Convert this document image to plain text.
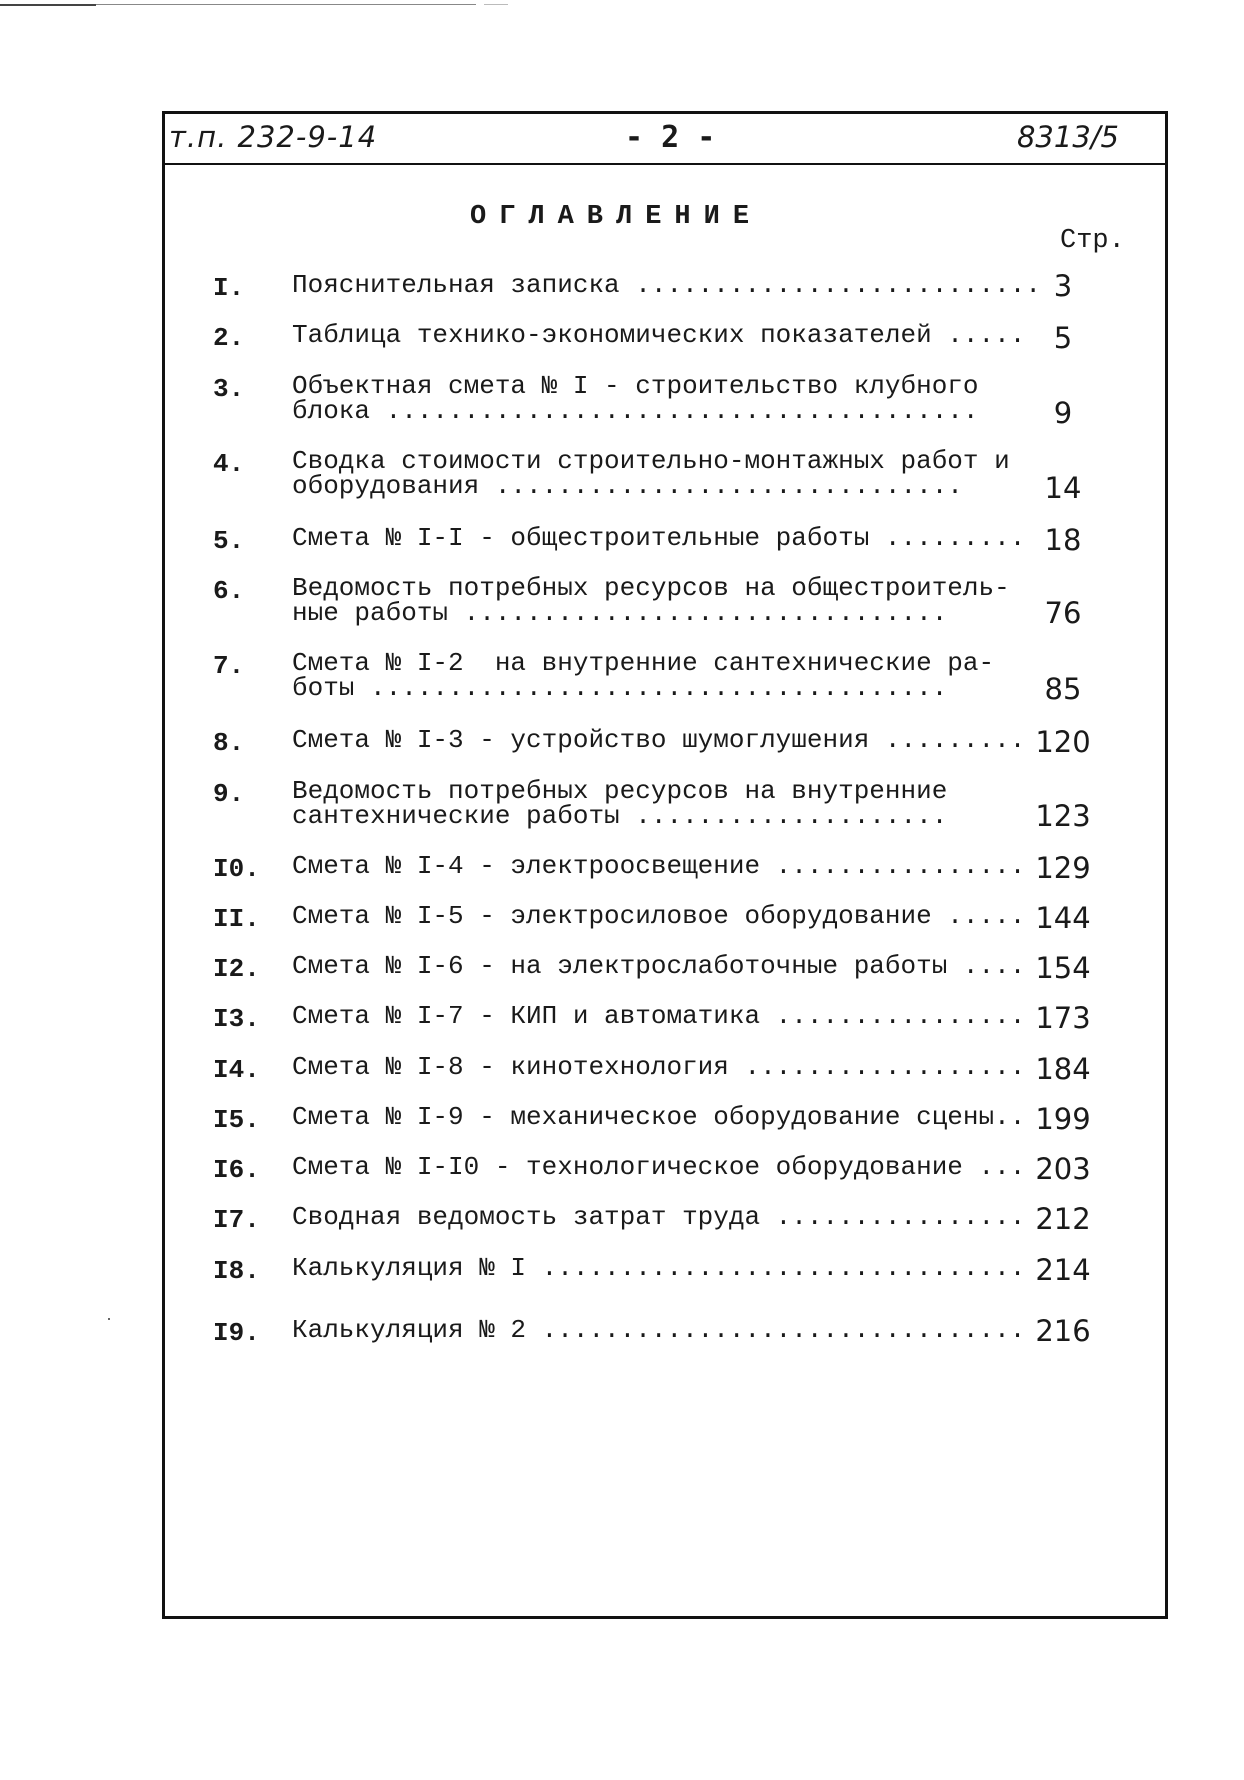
т.п. 232-9-14	- 2 -	8313/5
ОГЛАВЛЕНИЕ
Стр.
I. Пояснительная записка .......................... 3
2. Таблица технико-экономических показателей ..... 5
3. Объектная смета № I - строительство клубного
блока ......................................	9
4. Сводка стоимости строительно-монтажных работ и
оборудования ..............................	14
5. Смета № I-I - общестроительные работы ......... 18
6. Ведомость потребных ресурсов на общестроитель-
ные работы ...............................	76
7. Смета № I-2  на внутренние сантехнические ра-
боты .....................................	85
8. Смета № I-3 - устройство шумоглушения ......... 120
9. Ведомость потребных ресурсов на внутренние
сантехнические работы ....................	123
I0. Смета № I-4 - электроосвещение ................ 129
II. Смета № I-5 - электросиловое оборудование ..... 144
I2. Смета № I-6 - на электрослаботочные работы .... 154
I3. Смета № I-7 - КИП и автоматика ................ 173
I4. Смета № I-8 - кинотехнология .................. 184
I5. Смета № I-9 - механическое оборудование сцены.. 199
I6. Смета № I-I0 - технологическое оборудование ... 203
I7. Сводная ведомость затрат труда ................ 212
I8. Калькуляция № I ............................... 214
I9. Калькуляция № 2 ............................... 216
